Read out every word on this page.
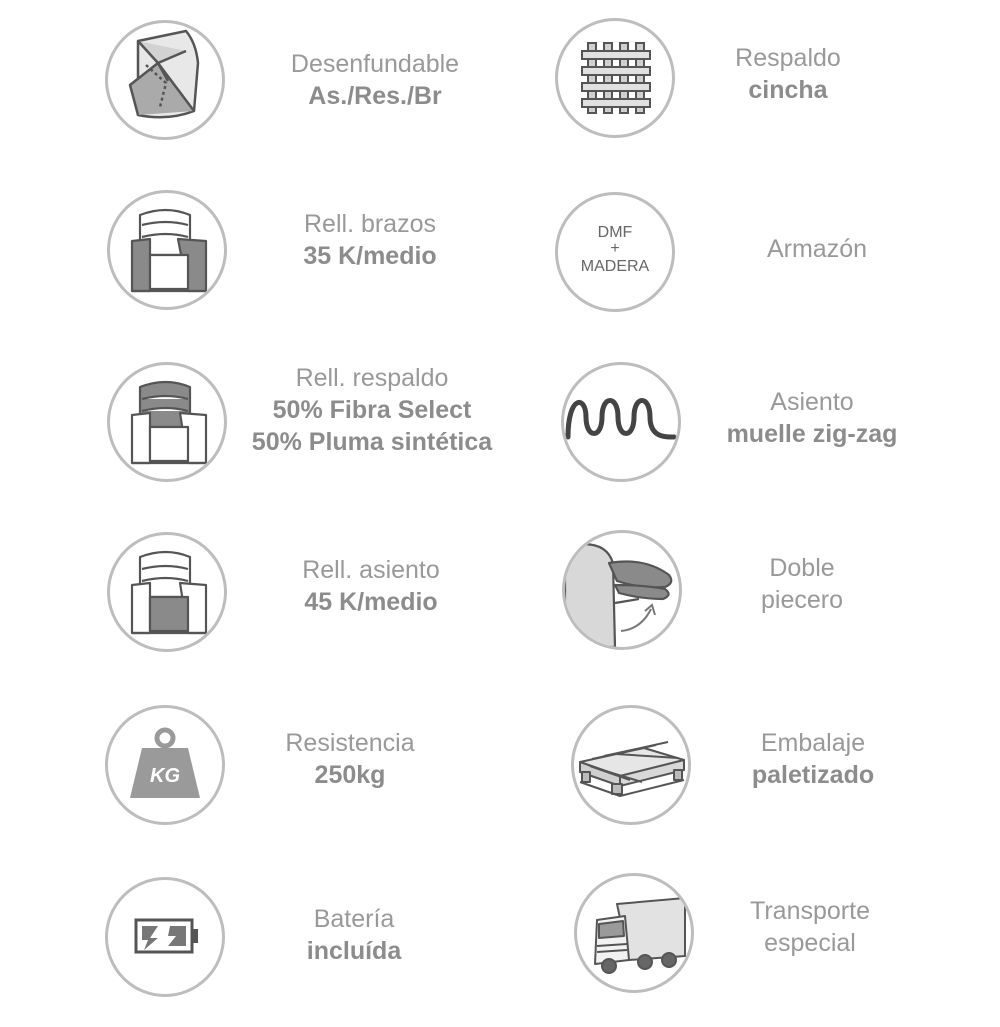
Desenfundable
As./Res./Br
Respaldo
cincha
Rell. brazos
35 K/medio
DMF
+
MADERA
Armazón
Rell. respaldo
50% Fibra Select
50% Pluma sintética
Asiento
muelle zig-zag
Rell. asiento
45 K/medio
Doble
piecero
KG
Resistencia
250kg
Embalaje
paletizado
Batería
incluída
Transporte
especial
